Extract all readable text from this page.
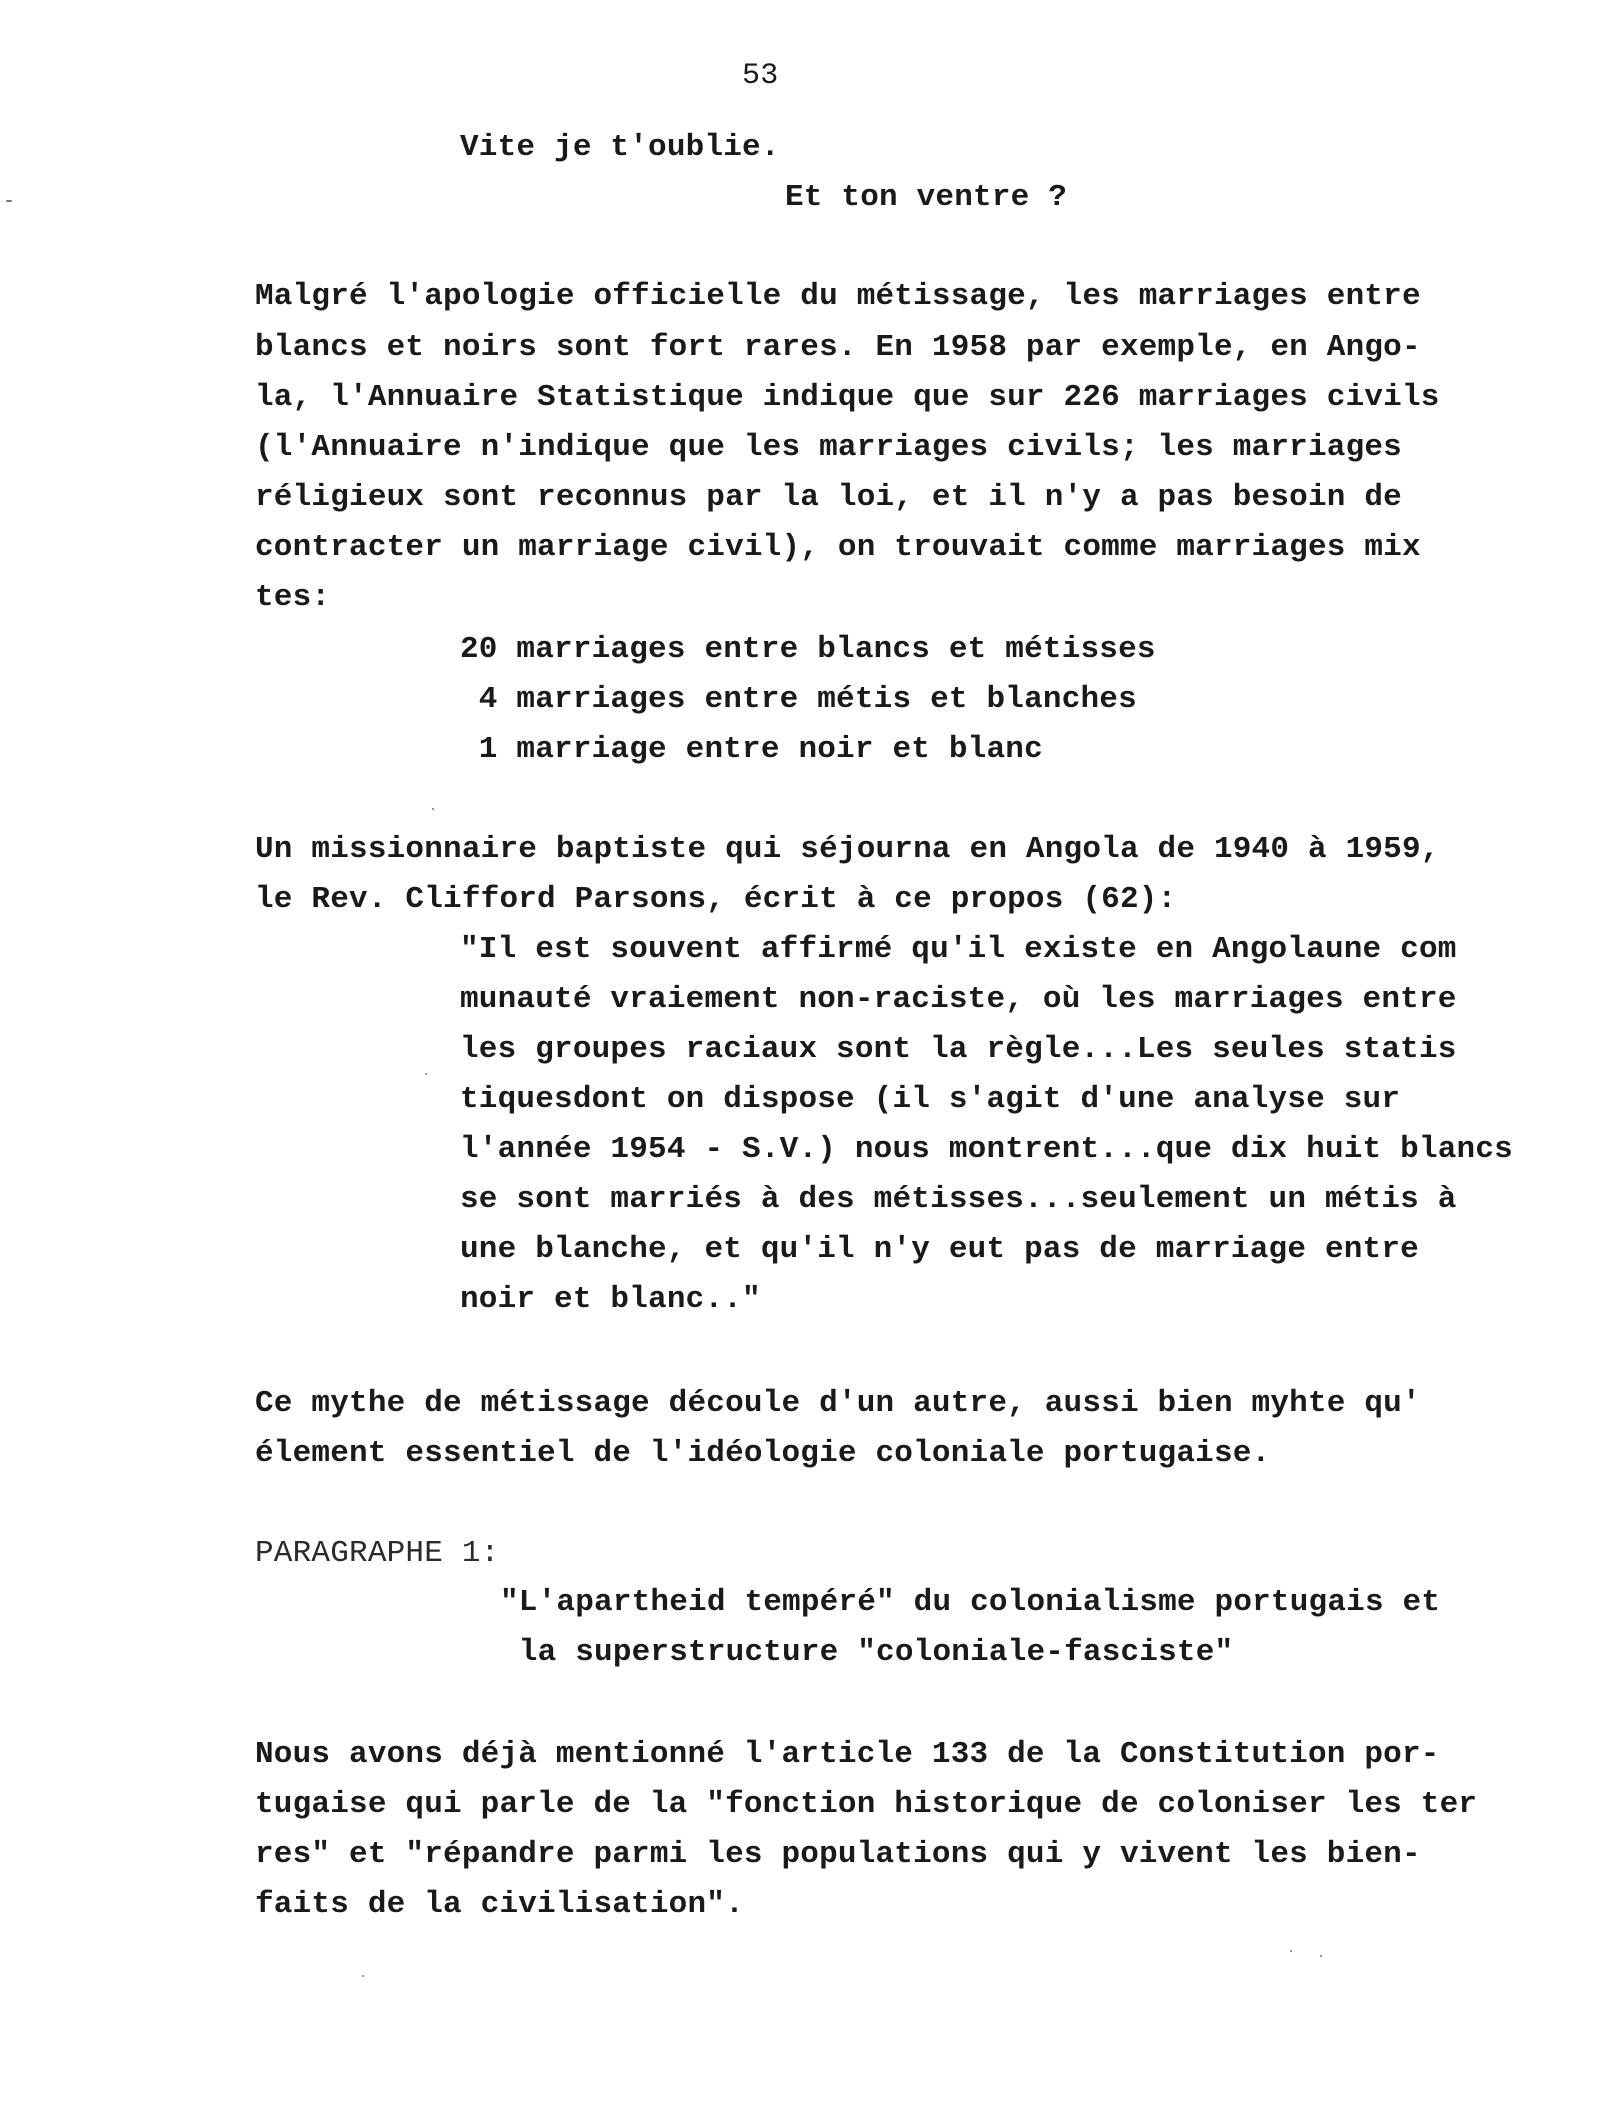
53
Vite je t'oublie.
Et ton ventre ?
Malgré l'apologie officielle du métissage, les marriages entre
blancs et noirs sont fort rares. En 1958 par exemple, en Ango-
la, l'Annuaire Statistique indique que sur 226 marriages civils
(l'Annuaire n'indique que les marriages civils; les marriages
réligieux sont reconnus par la loi, et il n'y a pas besoin de
contracter un marriage civil), on trouvait comme marriages mix
tes:
20 marriages entre blancs et métisses
4 marriages entre métis et blanches
1 marriage entre noir et blanc
Un missionnaire baptiste qui séjourna en Angola de 1940 à 1959,
le Rev. Clifford Parsons, écrit à ce propos (62):
"Il est souvent affirmé qu'il existe en Angolaune com
munauté vraiement non-raciste, où les marriages entre
les groupes raciaux sont la règle...Les seules statis
tiquesdont on dispose (il s'agit d'une analyse sur
l'année 1954 - S.V.) nous montrent...que dix huit blancs
se sont marriés à des métisses...seulement un métis à
une blanche, et qu'il n'y eut pas de marriage entre
noir et blanc.."
Ce mythe de métissage découle d'un autre, aussi bien myhte qu'
élement essentiel de l'idéologie coloniale portugaise.
PARAGRAPHE 1:
"L'apartheid tempéré" du colonialisme portugais et
la superstructure "coloniale-fasciste"
Nous avons déjà mentionné l'article 133 de la Constitution por-
tugaise qui parle de la "fonction historique de coloniser les ter
res" et "répandre parmi les populations qui y vivent les bien-
faits de la civilisation".
